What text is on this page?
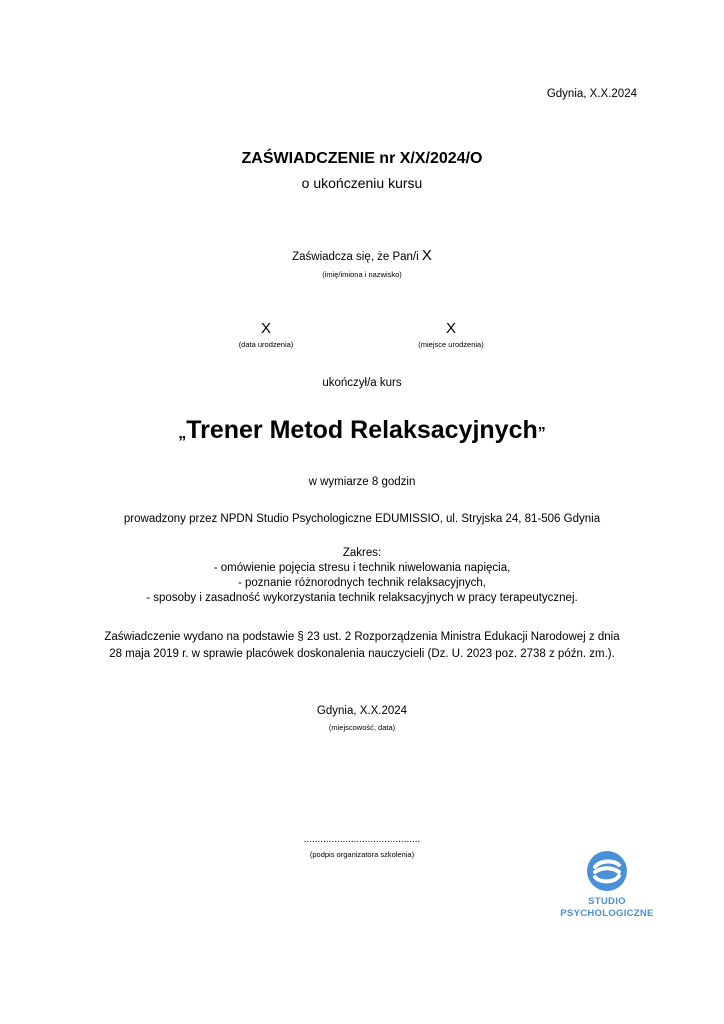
Gdynia, X.X.2024
ZAŚWIADCZENIE nr X/X/2024/O
o ukończeniu kursu
Zaświadcza się, że Pan/i X
(imię/imiona i nazwisko)
X
(data urodzenia)
X
(miejsce urodzenia)
ukończył/a kurs
„Trener Metod Relaksacyjnych”
w wymiarze 8 godzin
prowadzony przez NPDN Studio Psychologiczne EDUMISSIO, ul. Stryjska 24, 81-506 Gdynia
Zakres:
- omówienie pojęcia stresu i technik niwelowania napięcia,
- poznanie różnorodnych technik relaksacyjnych,
- sposoby i zasadność wykorzystania technik relaksacyjnych w pracy terapeutycznej.
Zaświadczenie wydano na podstawie § 23 ust. 2 Rozporządzenia Ministra Edukacji Narodowej z dnia
28 maja 2019 r. w sprawie placówek doskonalenia nauczycieli (Dz. U. 2023 poz. 2738 z późn. zm.).
Gdynia, X.X.2024
(miejscowość, data)
..........................................
(podpis organizatora szkolenia)
STUDIO
PSYCHOLOGICZNE
